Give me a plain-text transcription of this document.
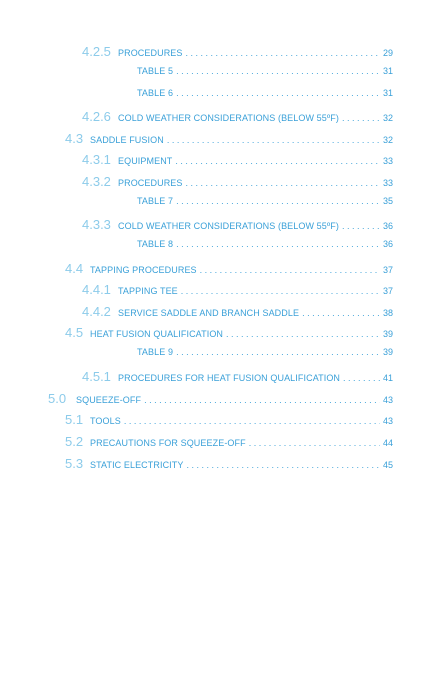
4.2.5 PROCEDURES . . .	29
TABLE 5 . . .	31
TABLE 6 . . .	31
4.2.6 COLD WEATHER CONSIDERATIONS (BELOW 55ºF) . . .	32
4.3 SADDLE FUSION . . .	32
4.3.1 EQUIPMENT . . .	33
4.3.2 PROCEDURES . . .	33
TABLE 7 . . .	35
4.3.3 COLD WEATHER CONSIDERATIONS (BELOW 55ºF) . . .	36
TABLE 8 . . .	36
4.4 TAPPING PROCEDURES . . .	37
4.4.1 TAPPING TEE . . .	37
4.4.2 SERVICE SADDLE AND BRANCH SADDLE . . .	38
4.5 HEAT FUSION QUALIFICATION . . .	39
TABLE 9 . . .	39
4.5.1 PROCEDURES FOR HEAT FUSION QUALIFICATION . . .	41
5.0	SQUEEZE-OFF . . .	43
5.1 TOOLS . . .	43
5.2 PRECAUTIONS FOR SQUEEZE-OFF . . .	44
5.3 STATIC ELECTRICITY . . .	45
